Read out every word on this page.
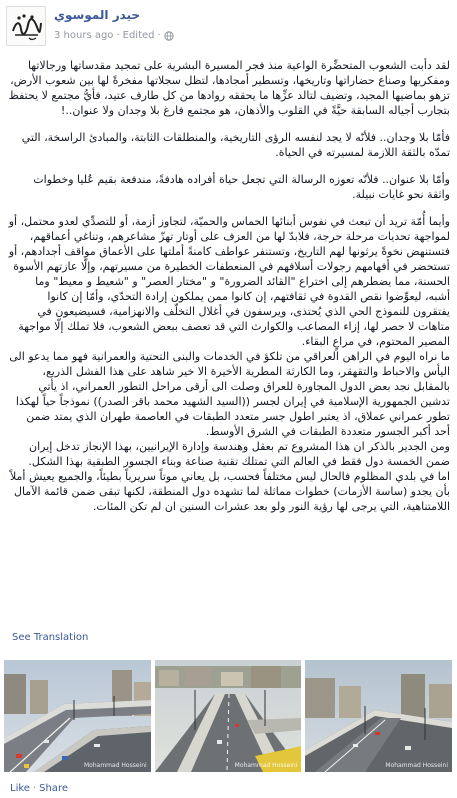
حيدر الموسوي
3 hours ago · Edited ·

لقد دأبت الشعوب المتحضِّرة الواعية منذ فجر المسيرة البشرية على تمجيد مقدساتها ورجالاتها ومفكريها وصناع حضاراتها وتاريخها، وتسطير أمجادها، لتظل سجلاتها مفخرةً لها بين شعوب الأرض، تزهو بماضيها المجيد، وتضيف لتالد عزِّها ما يحققه روادها من كل طارف عتيد، فأيُّ مجتمع لا يحتفظ بتجارب أجياله السابقة حيَّةً في القلوب والأذهان، هو مجتمع فارغ بلا وجدان ولا عنوان..!

فأمّا بلا وجدان.. فلأنّه لا يجد لنفسه الرؤى التاريخية، والمنطلقات الثابتة، والمبادئ الراسخة، التي تمدّه بالثقة اللازمة لمسيرته في الحياة.

وأمّا بلا عنوان.. فلأنّه تعوزه الرسالة التي تجعل حياة أفراده هادفةً، مندفعة بقيم عُليا وخطوات واثقة نحو غايات نبيلة.

وأيما أُمّة تريد أن تبعث في نفوس أبنائها الحماس والحميّة، لتجاوز أزمة، أو للتصدِّي لعدو محتمل، أو لمواجهة تحديات مرحلة حرجة، فلابدّ لها من العزف على أوتار تهزّ مشاعرهم، وتناغي أعماقهم، فتستنهض نخوةً يرثونها لهم التاريخ، وتستنفر عواطف كامنةً أملتها على الأعماق مواقف أجدادهم، أو تستحضر في أفهامهم رجولات أسلافهم في المنعطفات الخطيرة من مسيرتهم، وإلّا عازتهم الأسوة الحسنة، مما يضطرهم إلى اختراع "القائد الضرورة" و "مختار العصر" و "شعيط و معيط" وما أشبه، ليعوِّضوا نقص القدوة في ثقافتهم، إن كانوا ممن يملكون إرادة التحدّي، وأمّا إن كانوا يفتقرون للنموذج الحي الذي يُحتذى، ويرسفون في أغلال التخلّف والانهزامية، فسيضيعون في متاهات لا حصر لها، إزاء المصاعب والكوارث التي قد تعصف ببعض الشعوب، فلا تملك إلّا مواجهة المصير المحتوم، في مراعٍ البقاء.

ما نراه اليوم في الراهن العراقي من تلكؤ في الخدمات والبنى التحتية والعمرانية فهو مما يدعو الى اليأس والاحباط والتقهقر، وما الكارثة المطرية الأخيرة الا خير شاهد على هذا الفشل الذريع، بالمقابل نجد بعض الدول المجاورة للعراق وصلت الى أرقى مراحل التطور العمراني، اذ يأتي تدشين الجمهورية الإسلامية في إيران لجسر ((السيد الشهيد محمد باقر الصدر)) نموذجاً حياً لهكذا تطور عمراني عملاق، اذ يعتبر اطول جسر متعدد الطبقات في العاصمة طهران الذي يمتد ضمن أحد أكبر الجسور متعددة الطبقات في الشرق الأوسط.

ومن الجدير بالذكر ان هذا المشروع تم بعقل وهندسة وإدارة الإيرانيين، بهذا الإنجاز تدخل إيران ضمن الخمسة دول فقط في العالم التي تمتلك تقنية صناعة وبناء الجسور الطبقية بهذا الشكل.

اما في بلدي المظلوم فالحال ليس مختلفاً فحسب، بل يعاني موتاً سريرياً بطيئاً، والجميع يعيش أملاً بأن يجدو (ساسة الأزمات) خطوات مماثلة لما تشهده دول المنطقة، لكنها تبقى ضمن قائمة الآمال اللامتناهية، التي يرجى لها رؤية النور ولو بعد عشرات السنين ان لم تكن المئات.

See Translation
Mohammad Hosseini	Mohammad Hosseini	Mohammad Hosseini
Like · Share
